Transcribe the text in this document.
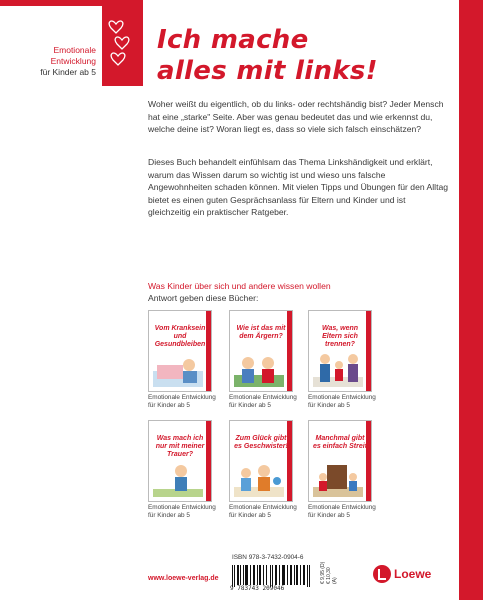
Emotionale
Entwicklung
für Kinder ab 5
Ich mache
alles mit links!

Woher weißt du eigentlich, ob du links- oder rechtshändig bist? Jeder Mensch hat eine „starke" Seite. Aber was genau bedeutet das und wie erkennst du, welche deine ist? Woran liegt es, dass so viele sich falsch einschätzen?

Dieses Buch behandelt einfühlsam das Thema Linkshändigkeit und erklärt, warum das Wissen darum so wichtig ist und wieso uns falsche Angewohnheiten schaden können. Mit vielen Tipps und Übungen für den Alltag bietet es einen guten Gesprächsanlass für Eltern und Kinder und ist gleichzeitig ein praktischer Ratgeber.

Was Kinder über sich und andere wissen wollen
Antwort geben diese Bücher:
Vom Kranksein und Gesundbleiben
Emotionale Entwicklung für Kinder ab 5
Wie ist das mit dem Ärgern?
Emotionale Entwicklung für Kinder ab 5
Was, wenn Eltern sich trennen?
Emotionale Entwicklung für Kinder ab 5
Was mach ich nur mit meiner Trauer?
Emotionale Entwicklung für Kinder ab 5
Zum Glück gibt es Geschwister!
Emotionale Entwicklung für Kinder ab 5
Manchmal gibt es einfach Streit
Emotionale Entwicklung für Kinder ab 5
ISBN 978-3-7432-0904-6
9 783743 209046
€ 9,95 (D) € 10,30 (A)
www.loewe-verlag.de	Loewe
